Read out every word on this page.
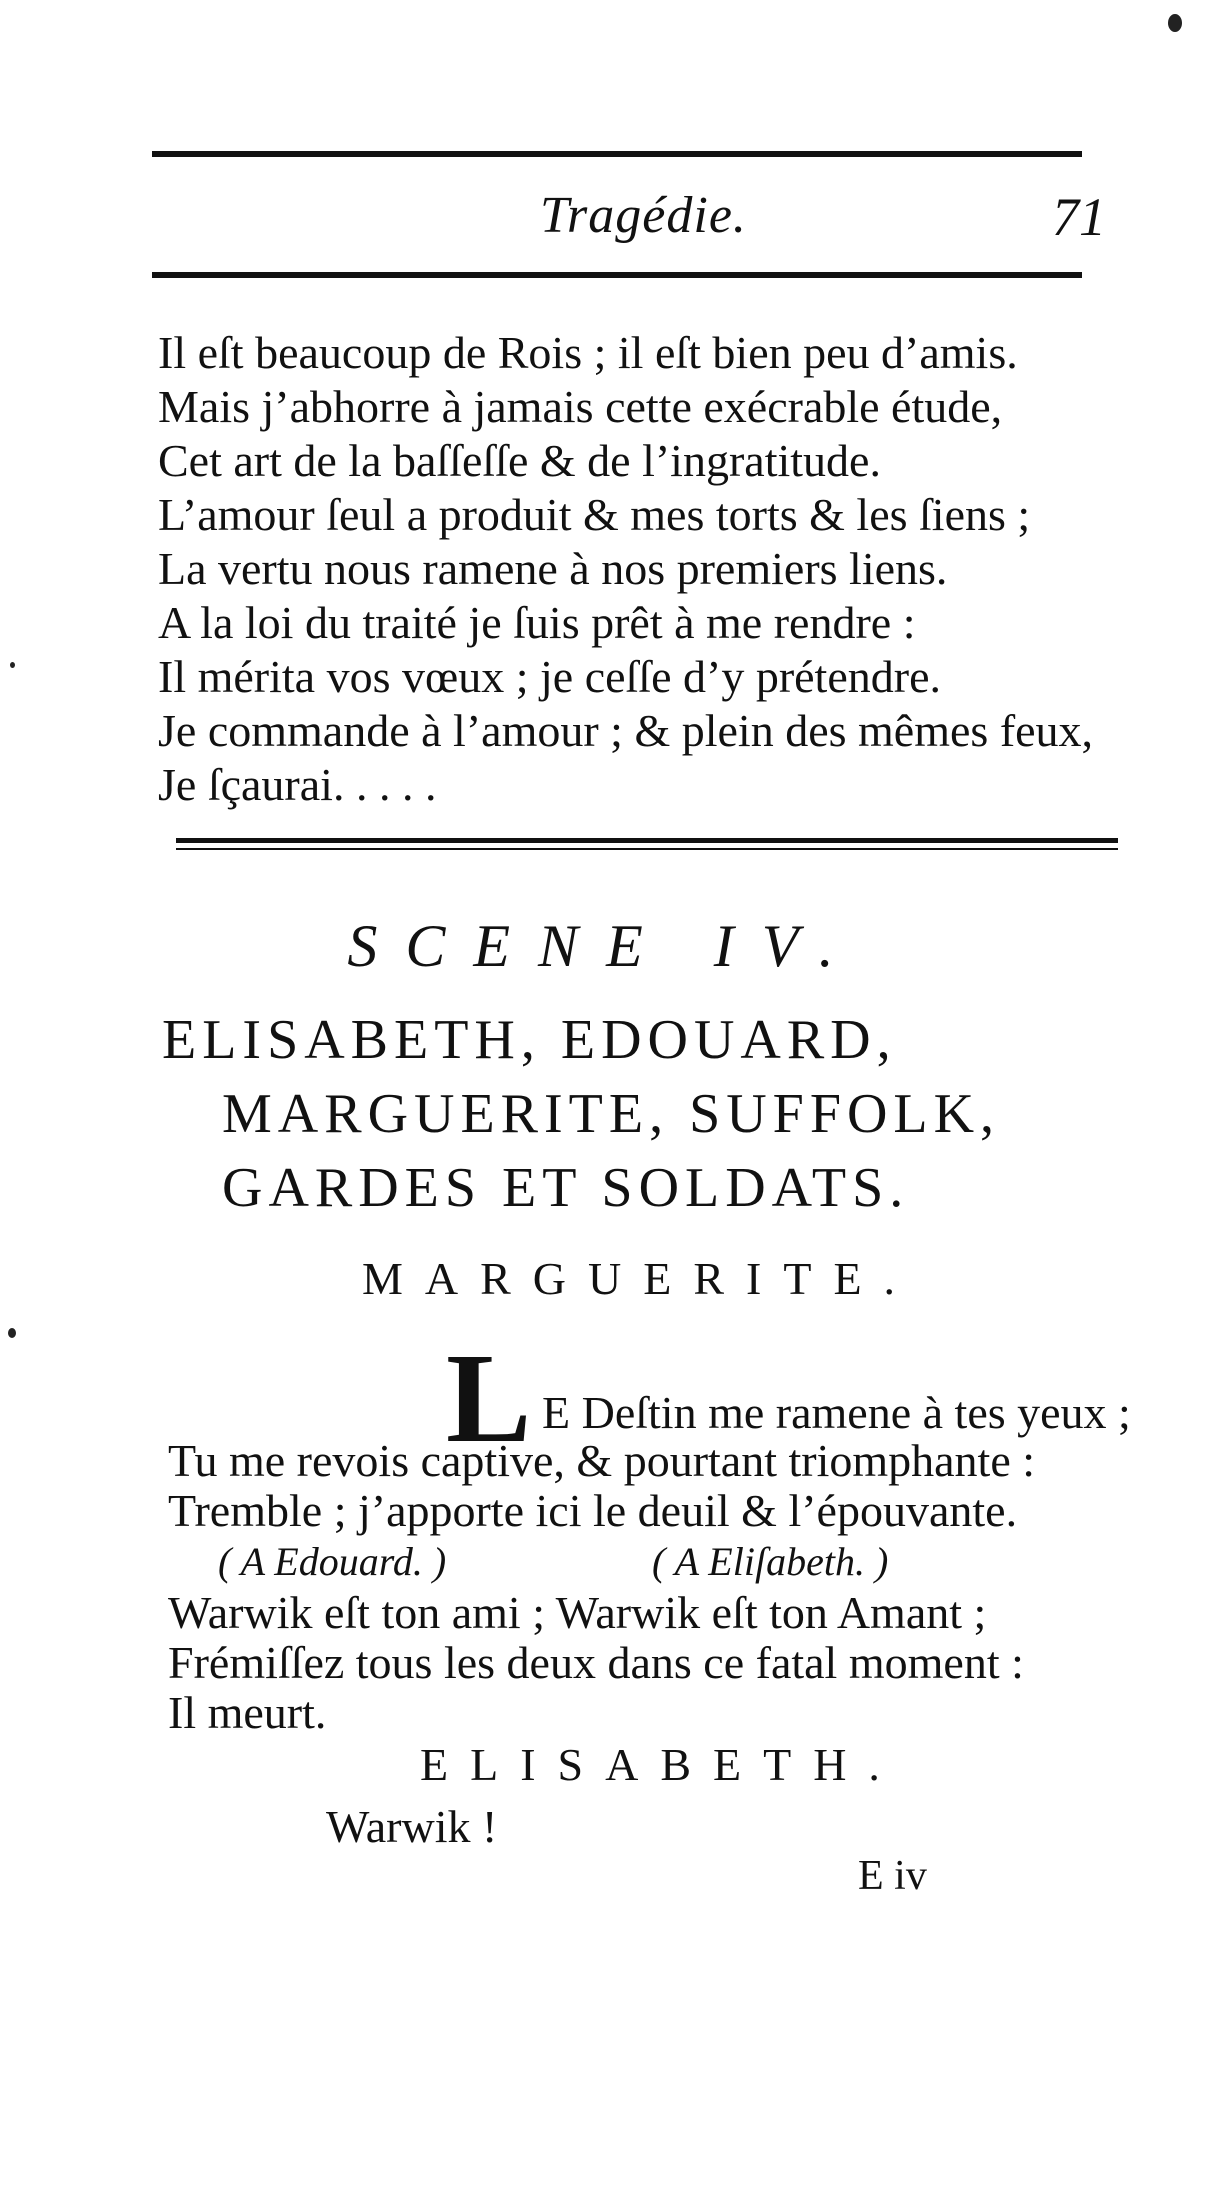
Tragédie.	71
Il eſt beaucoup de Rois ; il eſt bien peu d’amis.
Mais j’abhorre à jamais cette exécrable étude,
Cet art de la baſſeſſe & de l’ingratitude.
L’amour ſeul a produit & mes torts & les ſiens ;
La vertu nous ramene à nos premiers liens.
A la loi du traité je ſuis prêt à me rendre :
Il mérita vos vœux ; je ceſſe d’y prétendre.
Je commande à l’amour ; & plein des mêmes feux,
Je ſçaurai. . . . .
SCENE IV.
ELISABETH, EDOUARD,
MARGUERITE, SUFFOLK,
GARDES ET SOLDATS.
MARGUERITE.
L E Deſtin me ramene à tes yeux ;
Tu me revois captive, & pourtant triomphante :
Tremble ; j’apporte ici le deuil & l’épouvante.
( A Edouard. )	( A Eliſabeth. )
Warwik eſt ton ami ; Warwik eſt ton Amant ;
Frémiſſez tous les deux dans ce fatal moment :
Il meurt.
ELISABETH.
Warwik !
E iv
